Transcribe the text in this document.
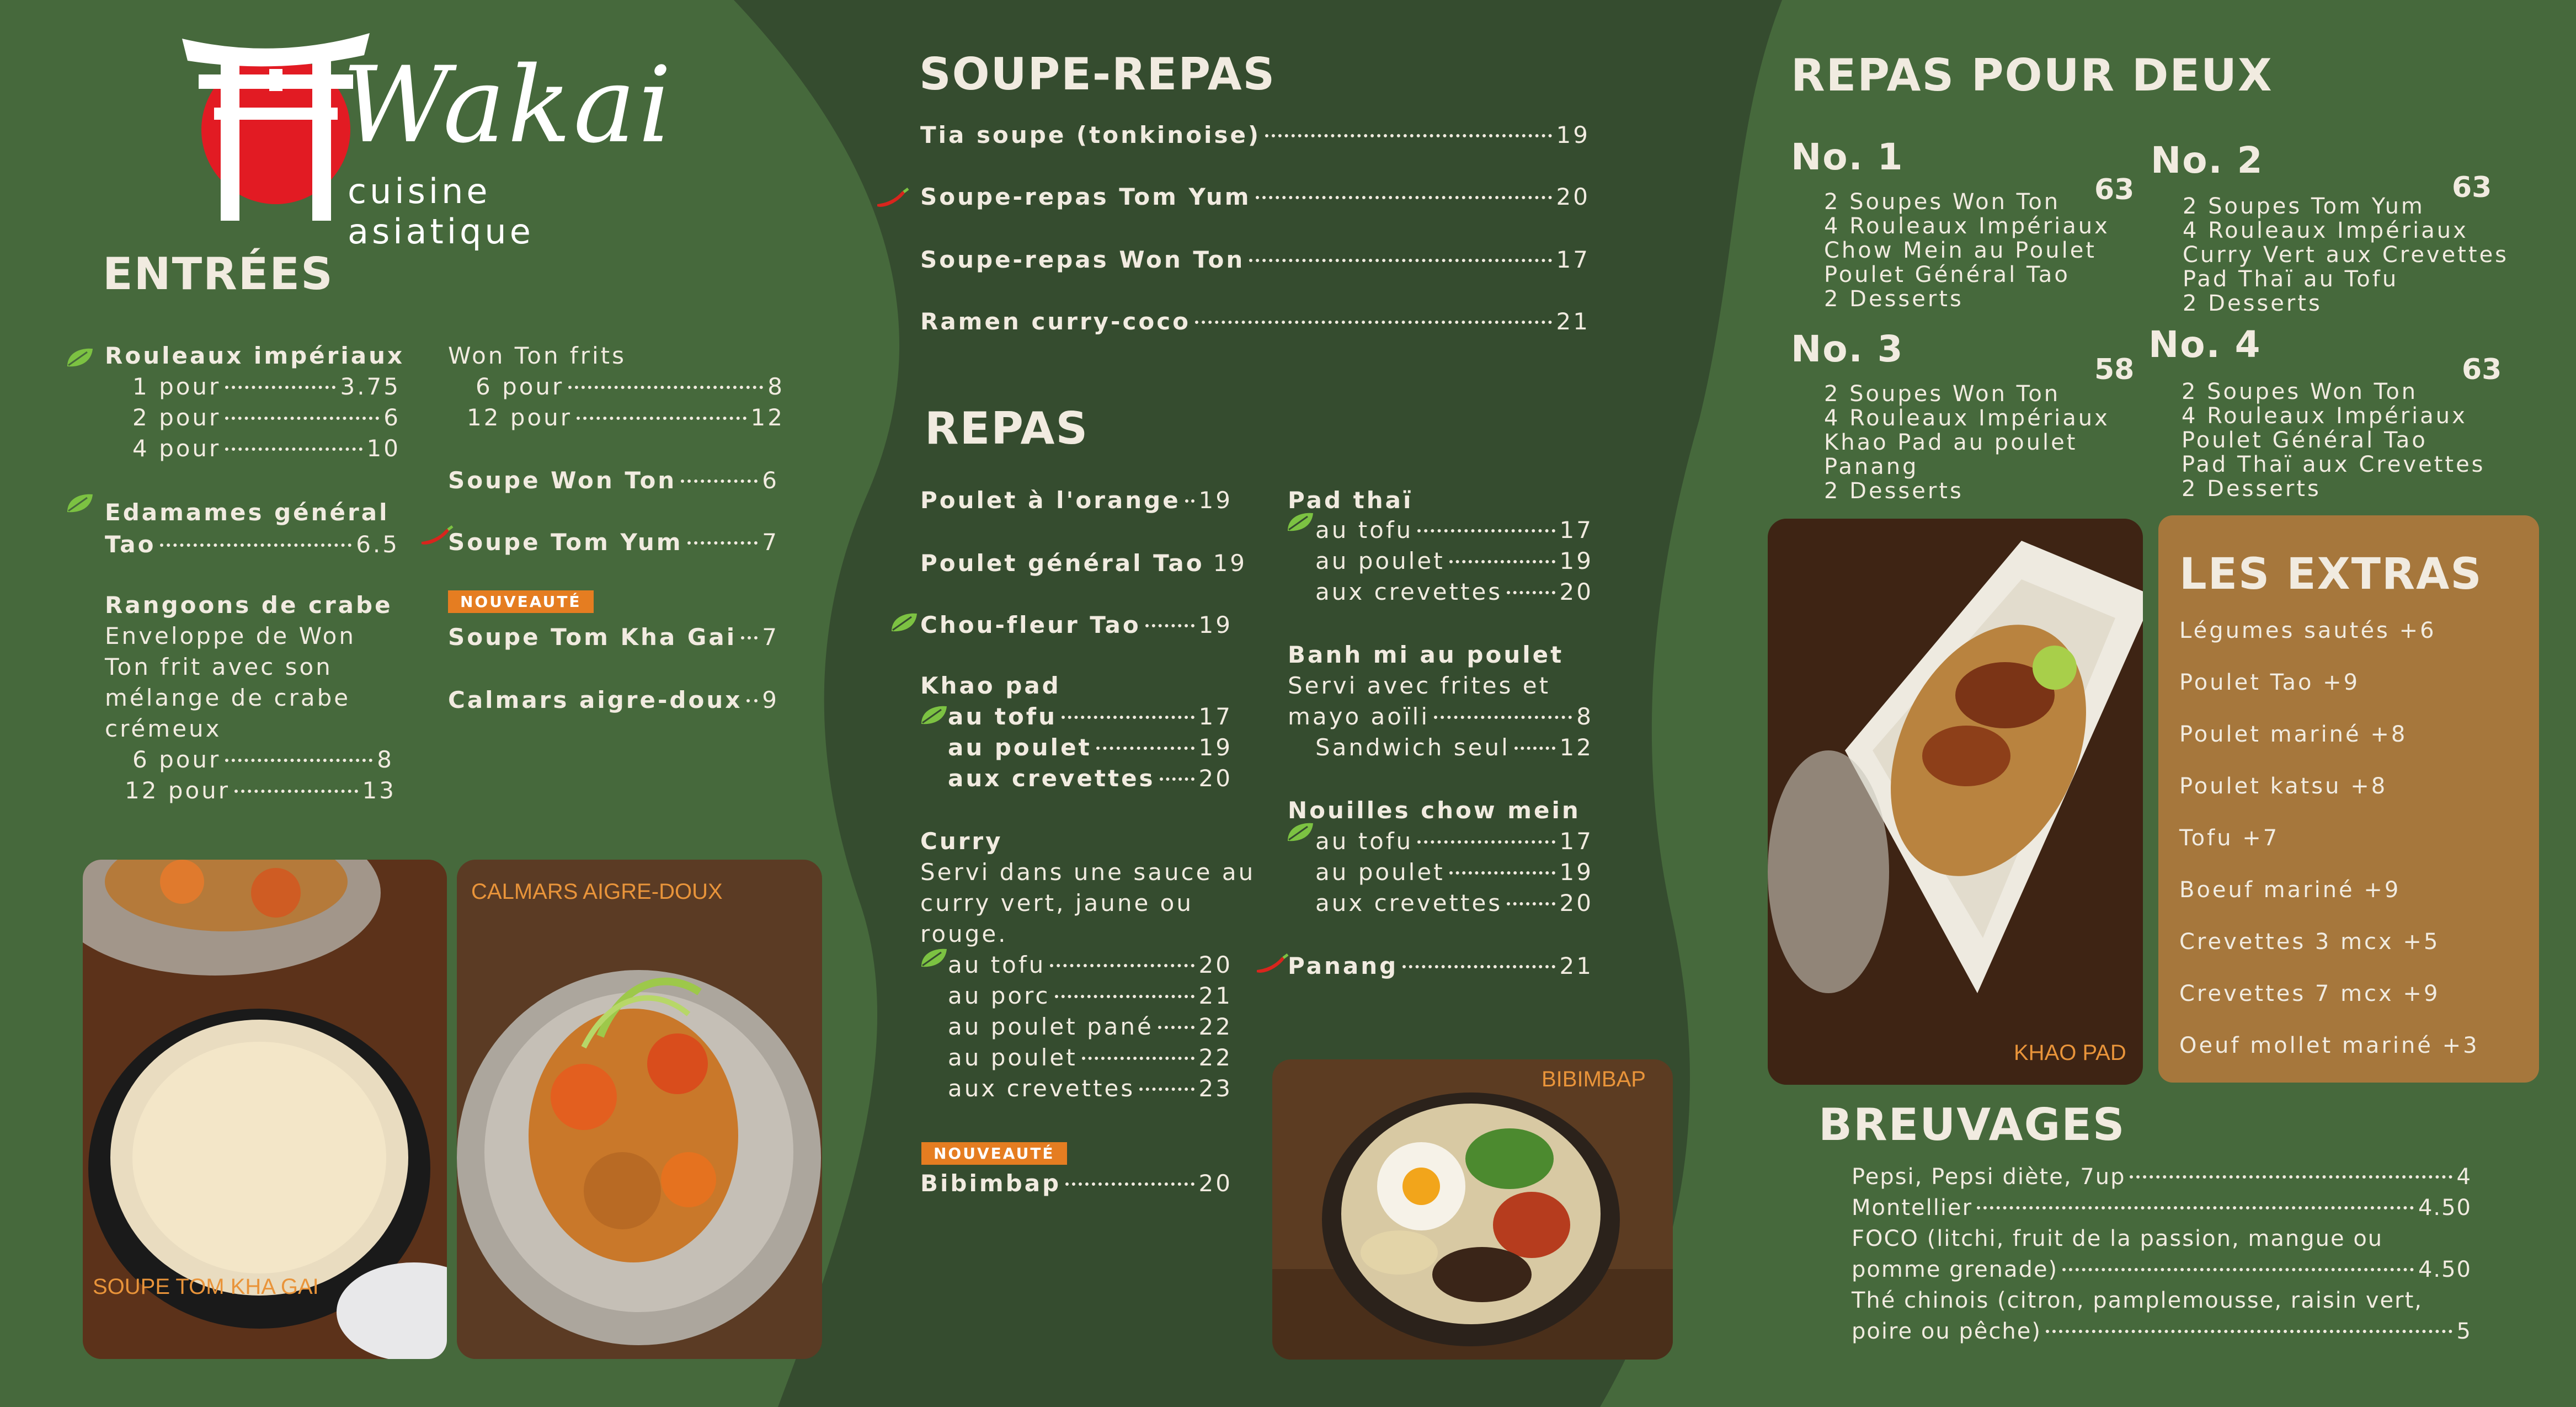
Wakai
cuisine asiatique
ENTRÉES
Rouleaux impériaux
1 pour	3.75
2 pour	6
4 pour	10
Edamames général
Tao	6.5
Rangoons de crabe
Enveloppe de Won
Ton frit avec son
mélange de crabe
crémeux
6 pour	8
12 pour	13
Won Ton frits
6 pour	8
12 pour	12
Soupe Won Ton	6
Soupe Tom Yum	7
NOUVEAUTÉ
Soupe Tom Kha Gai 7
Calmars aigre-doux 9
SOUPE TOM KHA GAI
CALMARS AIGRE-DOUX
SOUPE-REPAS
Tia soupe (tonkinoise)	19
Soupe-repas Tom Yum	20
Soupe-repas Won Ton	17
Ramen curry-coco	21
REPAS
Poulet à l'orange 19
Poulet général Tao 19
Chou-fleur Tao 19
Khao pad
au tofu	17
au poulet	19
aux crevettes 20
Curry
Servi dans une sauce au
curry vert, jaune ou
rouge.
au tofu	20
au porc	21
au poulet pané 22
au poulet	22
aux crevettes	23
NOUVEAUTÉ
Bibimbap	20
Pad thaï
au tofu	17
au poulet	19
aux crevettes 20
Banh mi au poulet
Servi avec frites et
mayo aoïli	8
Sandwich seul 12
Nouilles chow mein
au tofu	17
au poulet	19
aux crevettes 20
Panang	21
BIBIMBAP
REPAS POUR DEUX
No. 1
63
2 Soupes Won Ton
4 Rouleaux Impériaux
Chow Mein au Poulet
Poulet Général Tao
2 Desserts
No. 2
63
2 Soupes Tom Yum
4 Rouleaux Impériaux
Curry Vert aux Crevettes
Pad Thaï au Tofu
2 Desserts
No. 3	58
2 Soupes Won Ton
4 Rouleaux Impériaux
Khao Pad au poulet
Panang
2 Desserts
No. 4
63
2 Soupes Won Ton
4 Rouleaux Impériaux
Poulet Général Tao
Pad Thaï aux Crevettes
2 Desserts
KHAO PAD
LES EXTRAS
Légumes sautés +6
Poulet Tao +9
Poulet mariné +8
Poulet katsu +8
Tofu +7
Boeuf mariné +9
Crevettes 3 mcx +5
Crevettes 7 mcx +9
Oeuf mollet mariné +3
BREUVAGES
Pepsi, Pepsi diète, 7up	4
Montellier	4.50
FOCO (litchi, fruit de la passion, mangue ou
pomme grenade)	4.50
Thé chinois (citron, pamplemousse, raisin vert,
poire ou pêche)	5
